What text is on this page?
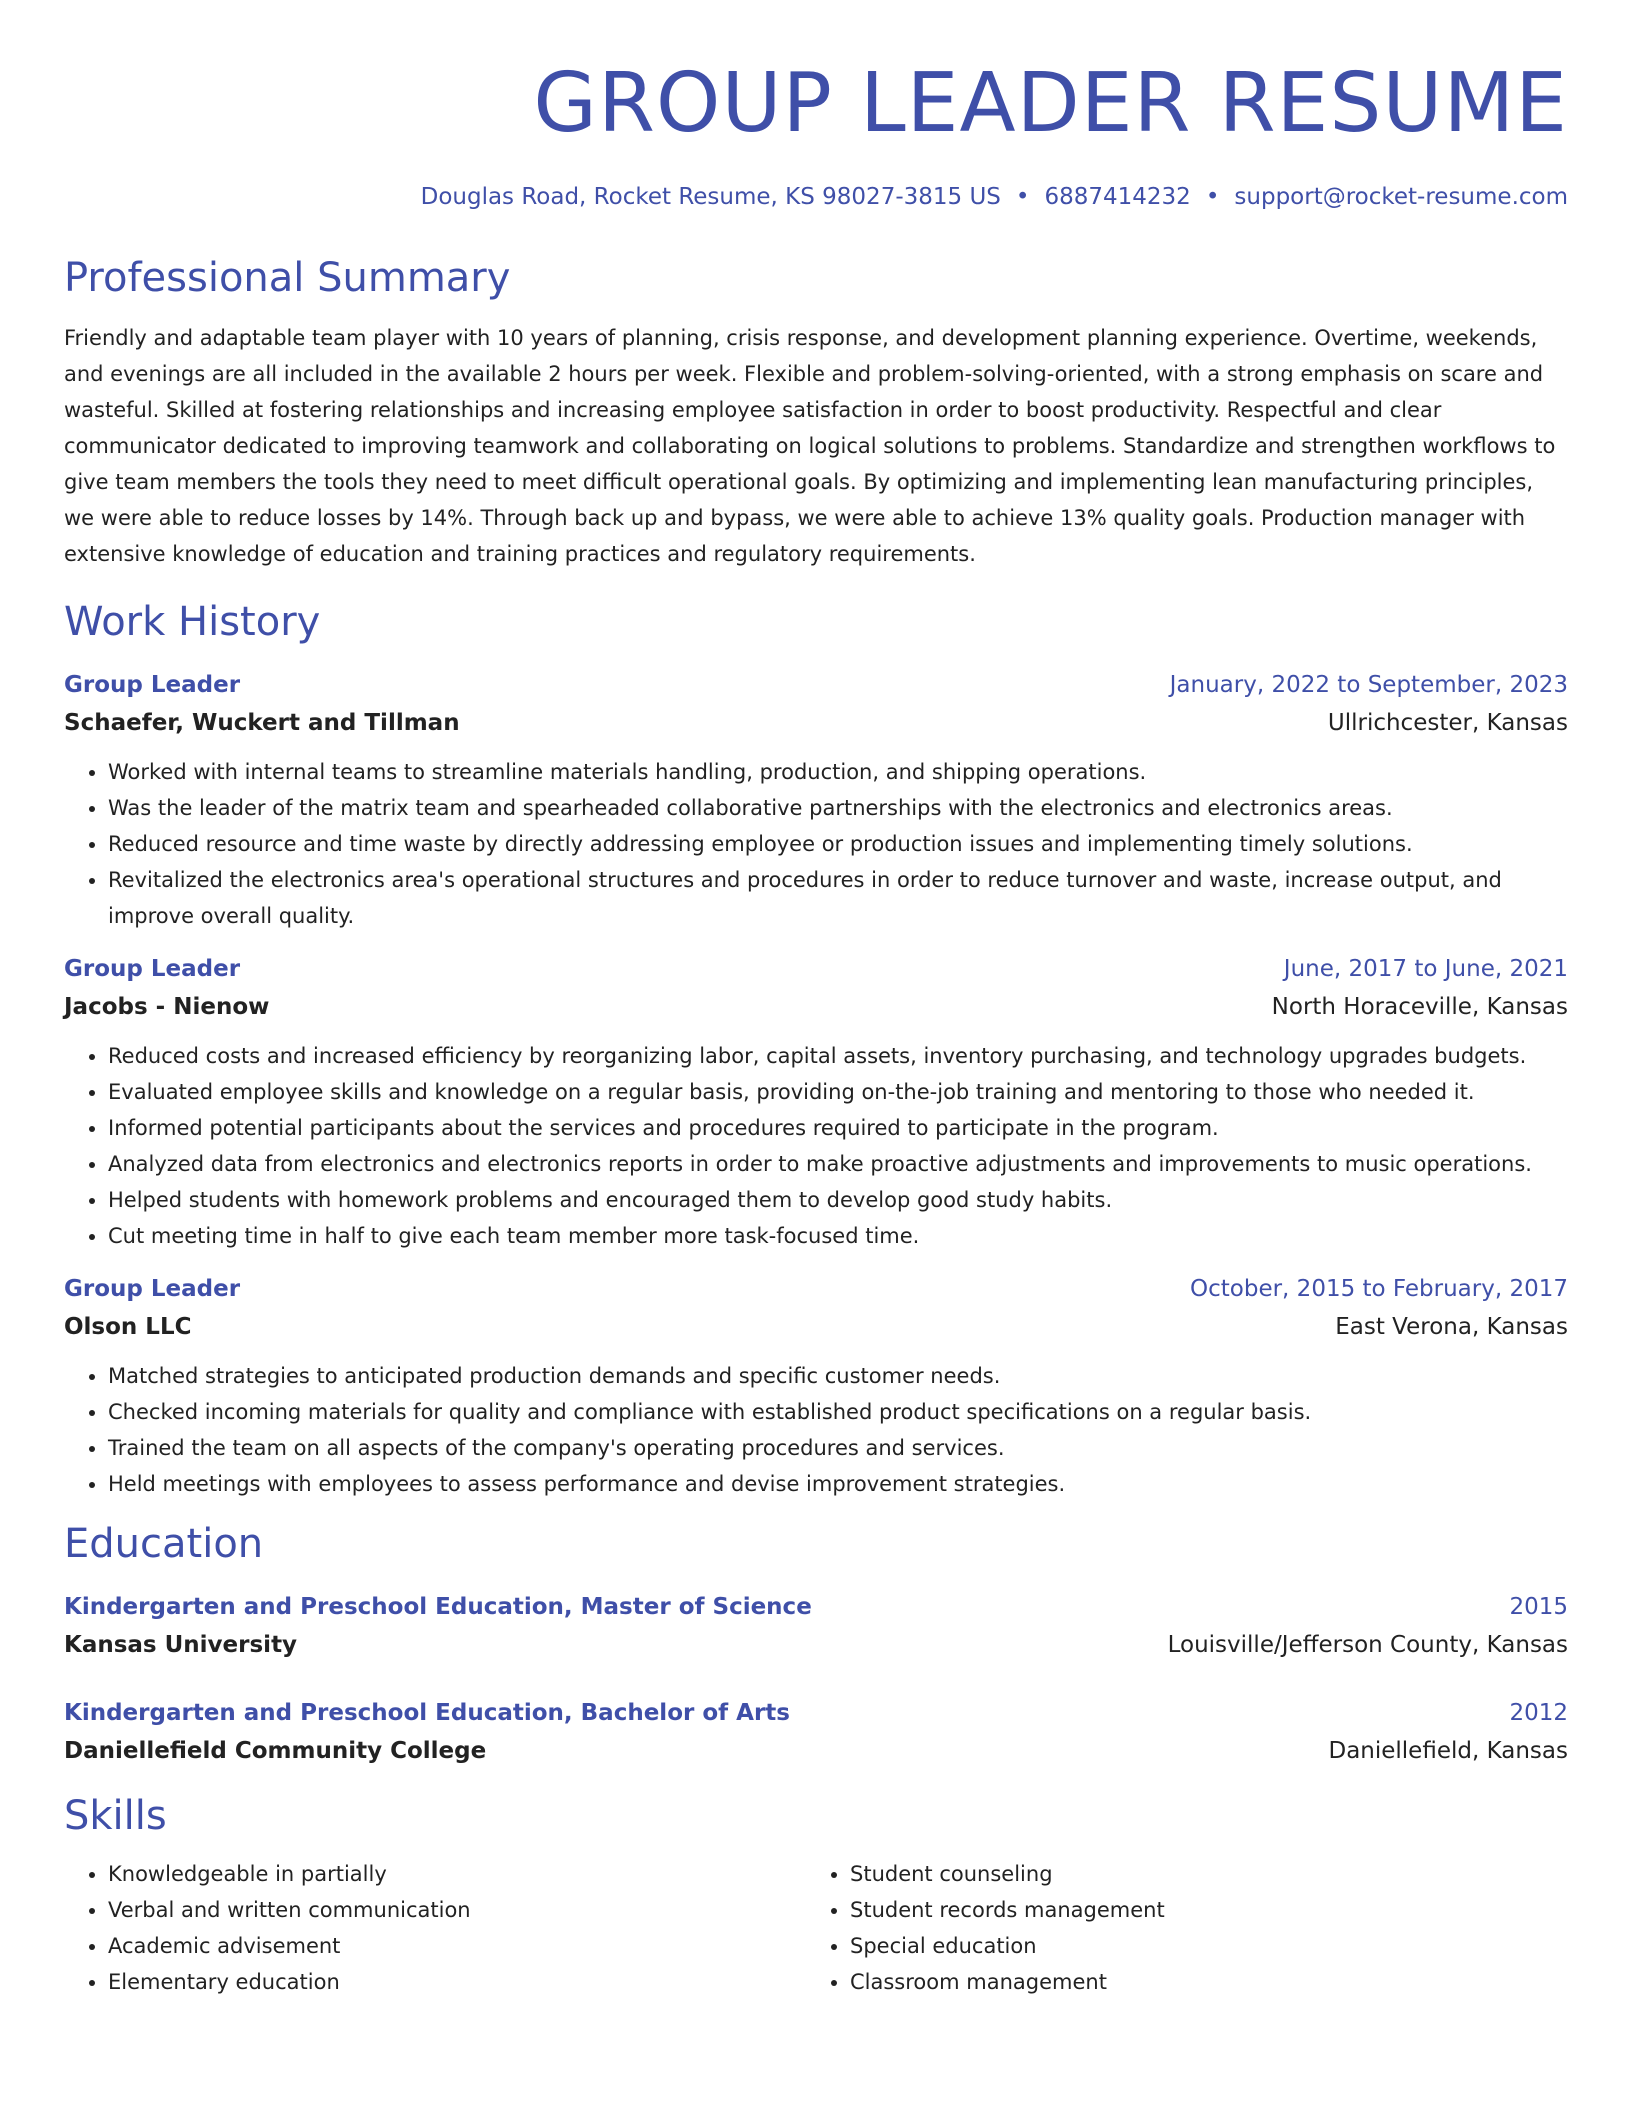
GROUP LEADER RESUME
Douglas Road, Rocket Resume, KS 98027-3815 US • 6887414232 • support@rocket-resume.com
Professional Summary
Friendly and adaptable team player with 10 years of planning, crisis response, and development planning experience. Overtime, weekends, and evenings are all included in the available 2 hours per week. Flexible and problem-solving-oriented, with a strong emphasis on scare and wasteful. Skilled at fostering relationships and increasing employee satisfaction in order to boost productivity. Respectful and clear communicator dedicated to improving teamwork and collaborating on logical solutions to problems. Standardize and strengthen workflows to give team members the tools they need to meet difficult operational goals. By optimizing and implementing lean manufacturing principles, we were able to reduce losses by 14%. Through back up and bypass, we were able to achieve 13% quality goals. Production manager with extensive knowledge of education and training practices and regulatory requirements.
Work History
Group Leader	January, 2022 to September, 2023
Schaefer, Wuckert and Tillman	Ullrichcester, Kansas
• Worked with internal teams to streamline materials handling, production, and shipping operations.
• Was the leader of the matrix team and spearheaded collaborative partnerships with the electronics and electronics areas.
• Reduced resource and time waste by directly addressing employee or production issues and implementing timely solutions.
• Revitalized the electronics area's operational structures and procedures in order to reduce turnover and waste, increase output, and improve overall quality.
Group Leader	June, 2017 to June, 2021
Jacobs - Nienow	North Horaceville, Kansas
• Reduced costs and increased efficiency by reorganizing labor, capital assets, inventory purchasing, and technology upgrades budgets.
• Evaluated employee skills and knowledge on a regular basis, providing on-the-job training and mentoring to those who needed it.
• Informed potential participants about the services and procedures required to participate in the program.
• Analyzed data from electronics and electronics reports in order to make proactive adjustments and improvements to music operations.
• Helped students with homework problems and encouraged them to develop good study habits.
• Cut meeting time in half to give each team member more task-focused time.
Group Leader	October, 2015 to February, 2017
Olson LLC	East Verona, Kansas
• Matched strategies to anticipated production demands and specific customer needs.
• Checked incoming materials for quality and compliance with established product specifications on a regular basis.
• Trained the team on all aspects of the company's operating procedures and services.
• Held meetings with employees to assess performance and devise improvement strategies.
Education
Kindergarten and Preschool Education, Master of Science	2015
Kansas University	Louisville/Jefferson County, Kansas
Kindergarten and Preschool Education, Bachelor of Arts	2012
Daniellefield Community College	Daniellefield, Kansas
Skills
• Knowledgeable in partially
• Verbal and written communication
• Academic advisement
• Elementary education
• Student counseling
• Student records management
• Special education
• Classroom management
